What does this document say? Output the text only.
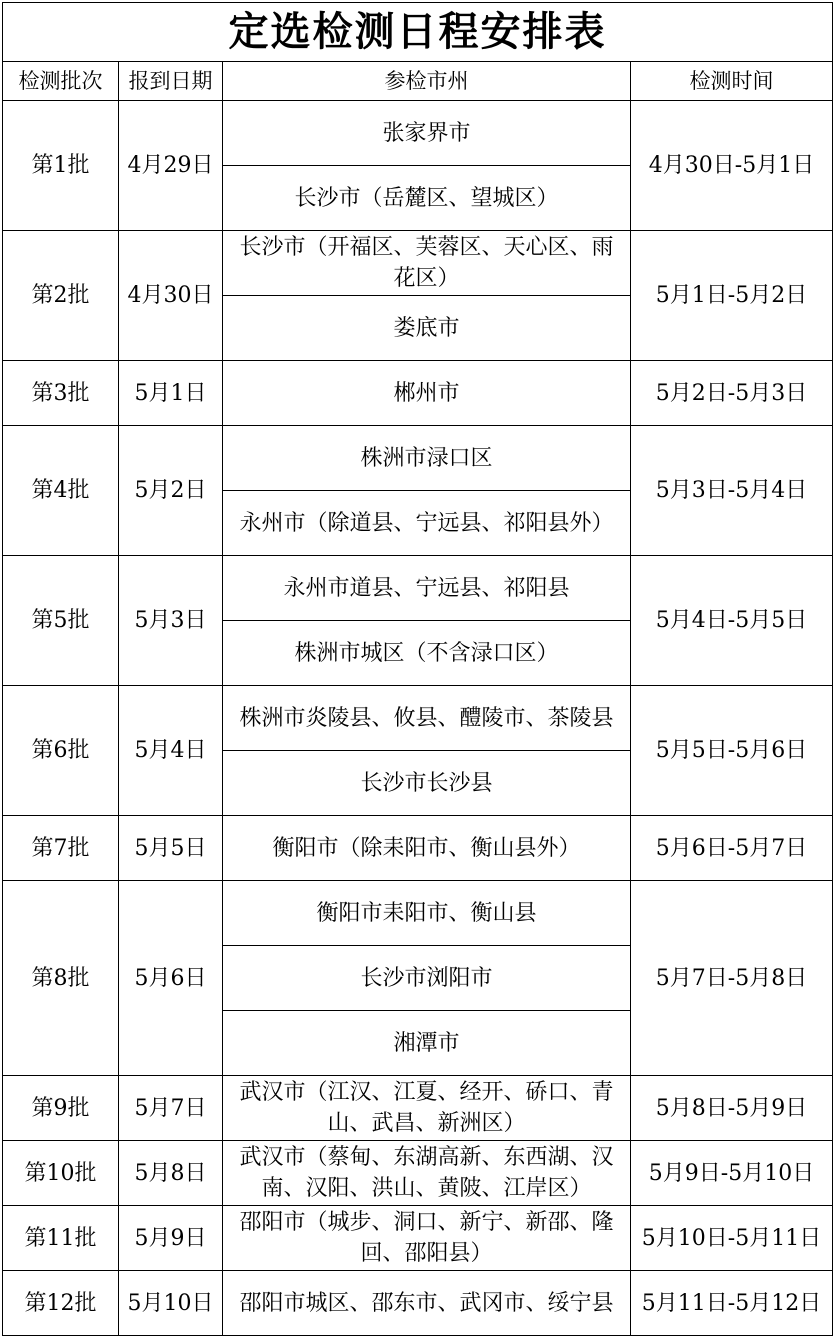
定选检测日程安排表			
检测批次	报到日期	参检市州	检测时间
第1批	4月29日	张家界市	4月30日-5月1日
		长沙市（岳麓区、望城区）	
第2批	4月30日	长沙市（开福区、芙蓉区、天心区、雨花区）	5月1日-5月2日
		娄底市	
第3批	5月1日	郴州市	5月2日-5月3日
第4批	5月2日	株洲市渌口区	5月3日-5月4日
		永州市（除道县、宁远县、祁阳县外）	
第5批	5月3日	永州市道县、宁远县、祁阳县	5月4日-5月5日
		株洲市城区（不含渌口区）	
第6批	5月4日	株洲市炎陵县、攸县、醴陵市、茶陵县	5月5日-5月6日
		长沙市长沙县	
第7批	5月5日	衡阳市（除耒阳市、衡山县外）	5月6日-5月7日
第8批	5月6日	衡阳市耒阳市、衡山县	5月7日-5月8日
		长沙市浏阳市	
		湘潭市	
第9批	5月7日	武汉市（江汉、江夏、经开、硚口、青山、武昌、新洲区）	5月8日-5月9日
第10批	5月8日	武汉市（蔡甸、东湖高新、东西湖、汉南、汉阳、洪山、黄陂、江岸区）	5月9日-5月10日
第11批	5月9日	邵阳市（城步、洞口、新宁、新邵、隆回、邵阳县）	5月10日-5月11日
第12批	5月10日	邵阳市城区、邵东市、武冈市、绥宁县	5月11日-5月12日
